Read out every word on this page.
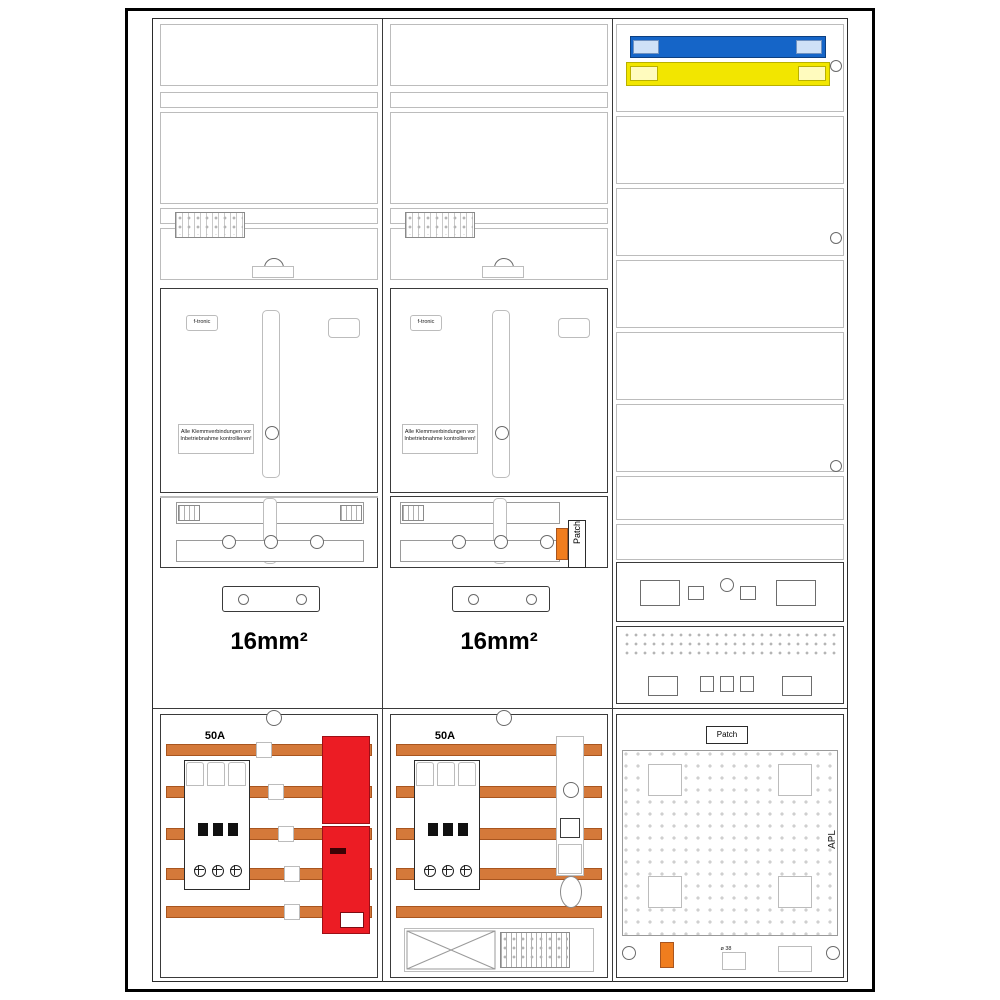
f-tronic
Alle Klemmverbindungen vor Inbetriebnahme kontrollieren!
16mm²
f-tronic
Alle Klemmverbindungen vor Inbetriebnahme kontrollieren!
Patch
16mm²
50A	50A	Patch
APL
ø 38
